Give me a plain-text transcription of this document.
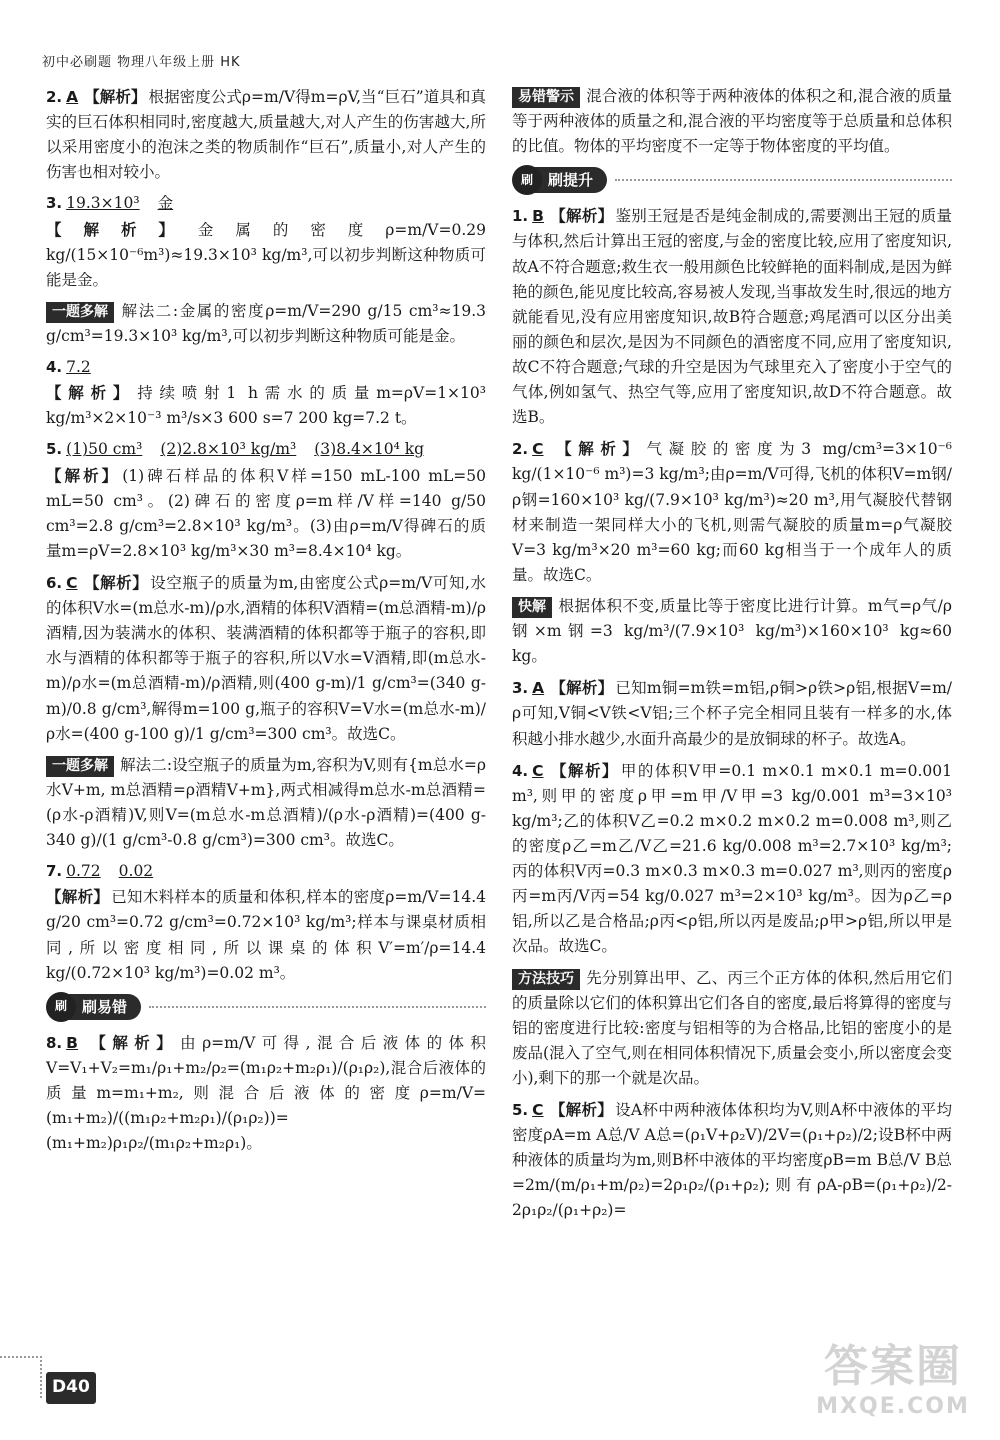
初中必刷题 物理八年级上册 HK
2. A 【解析】 根据密度公式ρ=m/V得m=ρV,当“巨石”道具和真实的巨石体积相同时,密度越大,质量越大,对人产生的伤害越大,所以采用密度小的泡沫之类的物质制作“巨石”,质量小,对人产生的伤害也相对较小。
3. 19.3×10³ 金
【解析】 金属的密度ρ=m/V=0.29 kg/(15×10⁻⁶m³)≈19.3×10³ kg/m³,可以初步判断这种物质可能是金。
一题多解 解法二:金属的密度ρ=m/V=290 g/15 cm³≈19.3 g/cm³=19.3×10³ kg/m³,可以初步判断这种物质可能是金。
4. 7.2
【解析】 持续喷射1 h需水的质量m=ρV=1×10³ kg/m³×2×10⁻³ m³/s×3 600 s=7 200 kg=7.2 t。
5. (1)50 cm³ (2)2.8×10³ kg/m³ (3)8.4×10⁴ kg
【解析】 (1)碑石样品的体积V样=150 mL-100 mL=50 mL=50 cm³。(2)碑石的密度ρ=m样/V样=140 g/50 cm³=2.8 g/cm³=2.8×10³ kg/m³。(3)由ρ=m/V得碑石的质量m=ρV=2.8×10³ kg/m³×30 m³=8.4×10⁴ kg。
6. C 【解析】 设空瓶子的质量为m,由密度公式ρ=m/V可知,水的体积V水=(m总水-m)/ρ水,酒精的体积V酒精=(m总酒精-m)/ρ酒精,因为装满水的体积、装满酒精的体积都等于瓶子的容积,即水与酒精的体积都等于瓶子的容积,所以V水=V酒精,即(m总水-m)/ρ水=(m总酒精-m)/ρ酒精,则(400 g-m)/1 g/cm³=(340 g-m)/0.8 g/cm³,解得m=100 g,瓶子的容积V=V水=(m总水-m)/ρ水=(400 g-100 g)/1 g/cm³=300 cm³。故选C。
一题多解 解法二:设空瓶子的质量为m,容积为V,则有{m总水=ρ水V+m, m总酒精=ρ酒精V+m},两式相减得m总水-m总酒精=(ρ水-ρ酒精)V,则V=(m总水-m总酒精)/(ρ水-ρ酒精)=(400 g-340 g)/(1 g/cm³-0.8 g/cm³)=300 cm³。故选C。
7. 0.72 0.02
【解析】 已知木料样本的质量和体积,样本的密度ρ=m/V=14.4 g/20 cm³=0.72 g/cm³=0.72×10³ kg/m³;样本与课桌材质相同,所以密度相同,所以课桌的体积V′=m′/ρ=14.4 kg/(0.72×10³ kg/m³)=0.02 m³。
刷	刷易错
8. B 【解析】 由ρ=m/V可得,混合后液体的体积V=V₁+V₂=m₁/ρ₁+m₂/ρ₂=(m₁ρ₂+m₂ρ₁)/(ρ₁ρ₂),混合后液体的质量m=m₁+m₂,则混合后液体的密度ρ=m/V=(m₁+m₂)/((m₁ρ₂+m₂ρ₁)/(ρ₁ρ₂))=(m₁+m₂)ρ₁ρ₂/(m₁ρ₂+m₂ρ₁)。
易错警示 混合液的体积等于两种液体的体积之和,混合液的质量等于两种液体的质量之和,混合液的平均密度等于总质量和总体积的比值。物体的平均密度不一定等于物体密度的平均值。
刷	刷提升
1. B 【解析】 鉴别王冠是否是纯金制成的,需要测出王冠的质量与体积,然后计算出王冠的密度,与金的密度比较,应用了密度知识,故A不符合题意;救生衣一般用颜色比较鲜艳的面料制成,是因为鲜艳的颜色,能见度比较高,容易被人发现,当事故发生时,很远的地方就能看见,没有应用密度知识,故B符合题意;鸡尾酒可以区分出美丽的颜色和层次,是因为不同颜色的酒密度不同,应用了密度知识,故C不符合题意;气球的升空是因为气球里充入了密度小于空气的气体,例如氢气、热空气等,应用了密度知识,故D不符合题意。故选B。
2. C 【解析】 气凝胶的密度为3 mg/cm³=3×10⁻⁶ kg/(1×10⁻⁶ m³)=3 kg/m³;由ρ=m/V可得,飞机的体积V=m钢/ρ钢=160×10³ kg/(7.9×10³ kg/m³)≈20 m³,用气凝胶代替钢材来制造一架同样大小的飞机,则需气凝胶的质量m=ρ气凝胶V=3 kg/m³×20 m³=60 kg;而60 kg相当于一个成年人的质量。故选C。
快解 根据体积不变,质量比等于密度比进行计算。m气=ρ气/ρ钢×m钢=3 kg/m³/(7.9×10³ kg/m³)×160×10³ kg≈60 kg。
3. A 【解析】 已知m铜=m铁=m铝,ρ铜>ρ铁>ρ铝,根据V=m/ρ可知,V铜<V铁<V铝;三个杯子完全相同且装有一样多的水,体积越小排水越少,水面升高最少的是放铜球的杯子。故选A。
4. C 【解析】 甲的体积V甲=0.1 m×0.1 m×0.1 m=0.001 m³,则甲的密度ρ甲=m甲/V甲=3 kg/0.001 m³=3×10³ kg/m³;乙的体积V乙=0.2 m×0.2 m×0.2 m=0.008 m³,则乙的密度ρ乙=m乙/V乙=21.6 kg/0.008 m³=2.7×10³ kg/m³;丙的体积V丙=0.3 m×0.3 m×0.3 m=0.027 m³,则丙的密度ρ丙=m丙/V丙=54 kg/0.027 m³=2×10³ kg/m³。因为ρ乙=ρ铝,所以乙是合格品;ρ丙<ρ铝,所以丙是废品;ρ甲>ρ铝,所以甲是次品。故选C。
方法技巧 先分别算出甲、乙、丙三个正方体的体积,然后用它们的质量除以它们的体积算出它们各自的密度,最后将算得的密度与铝的密度进行比较:密度与铝相等的为合格品,比铝的密度小的是废品(混入了空气,则在相同体积情况下,质量会变小,所以密度会变小),剩下的那一个就是次品。
5. C 【解析】 设A杯中两种液体体积均为V,则A杯中液体的平均密度ρA=m A总/V A总=(ρ₁V+ρ₂V)/2V=(ρ₁+ρ₂)/2;设B杯中两种液体的质量均为m,则B杯中液体的平均密度ρB=m B总/V B总=2m/(m/ρ₁+m/ρ₂)=2ρ₁ρ₂/(ρ₁+ρ₂);则有ρA-ρB=(ρ₁+ρ₂)/2-2ρ₁ρ₂/(ρ₁+ρ₂)=
D40	答案圈
MXQE.COM
